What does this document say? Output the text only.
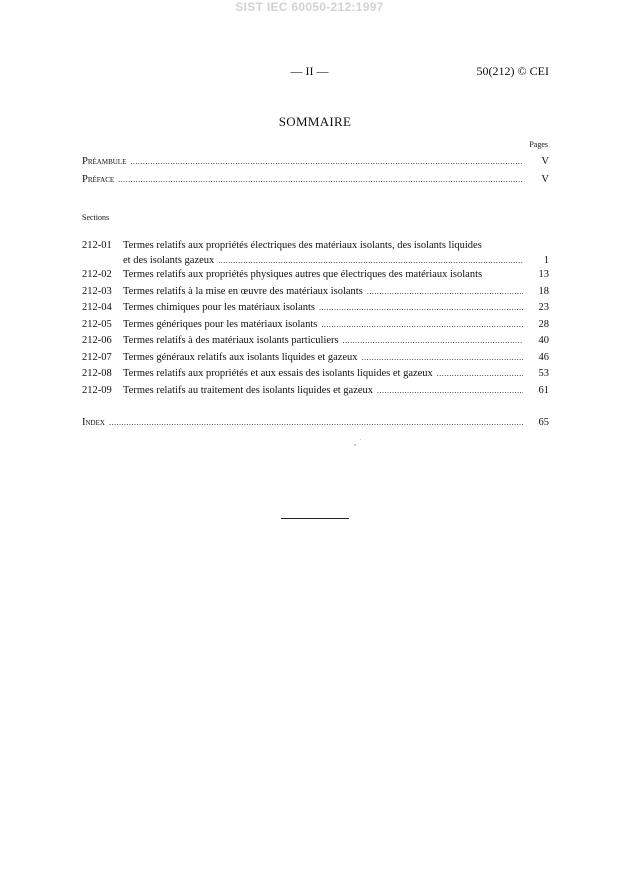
SIST IEC 60050-212:1997
— II —	50(212) © CEI
SOMMAIRE
Pages
Préambule .....	V
Préface .....	V
Sections
212-01	Termes relatifs aux propriétés électriques des matériaux isolants, des isolants liquides
et des isolants gazeux .....	1
212-02	Termes relatifs aux propriétés physiques autres que électriques des matériaux isolants	13
212-03	Termes relatifs à la mise en œuvre des matériaux isolants .....	18
212-04	Termes chimiques pour les matériaux isolants .....	23
212-05	Termes génériques pour les matériaux isolants .....	28
212-06	Termes relatifs à des matériaux isolants particuliers .....	40
212-07	Termes généraux relatifs aux isolants liquides et gazeux .....	46
212-08	Termes relatifs aux propriétés et aux essais des isolants liquides et gazeux .....	53
212-09	Termes relatifs au traitement des isolants liquides et gazeux .....	61
Index .....	65
